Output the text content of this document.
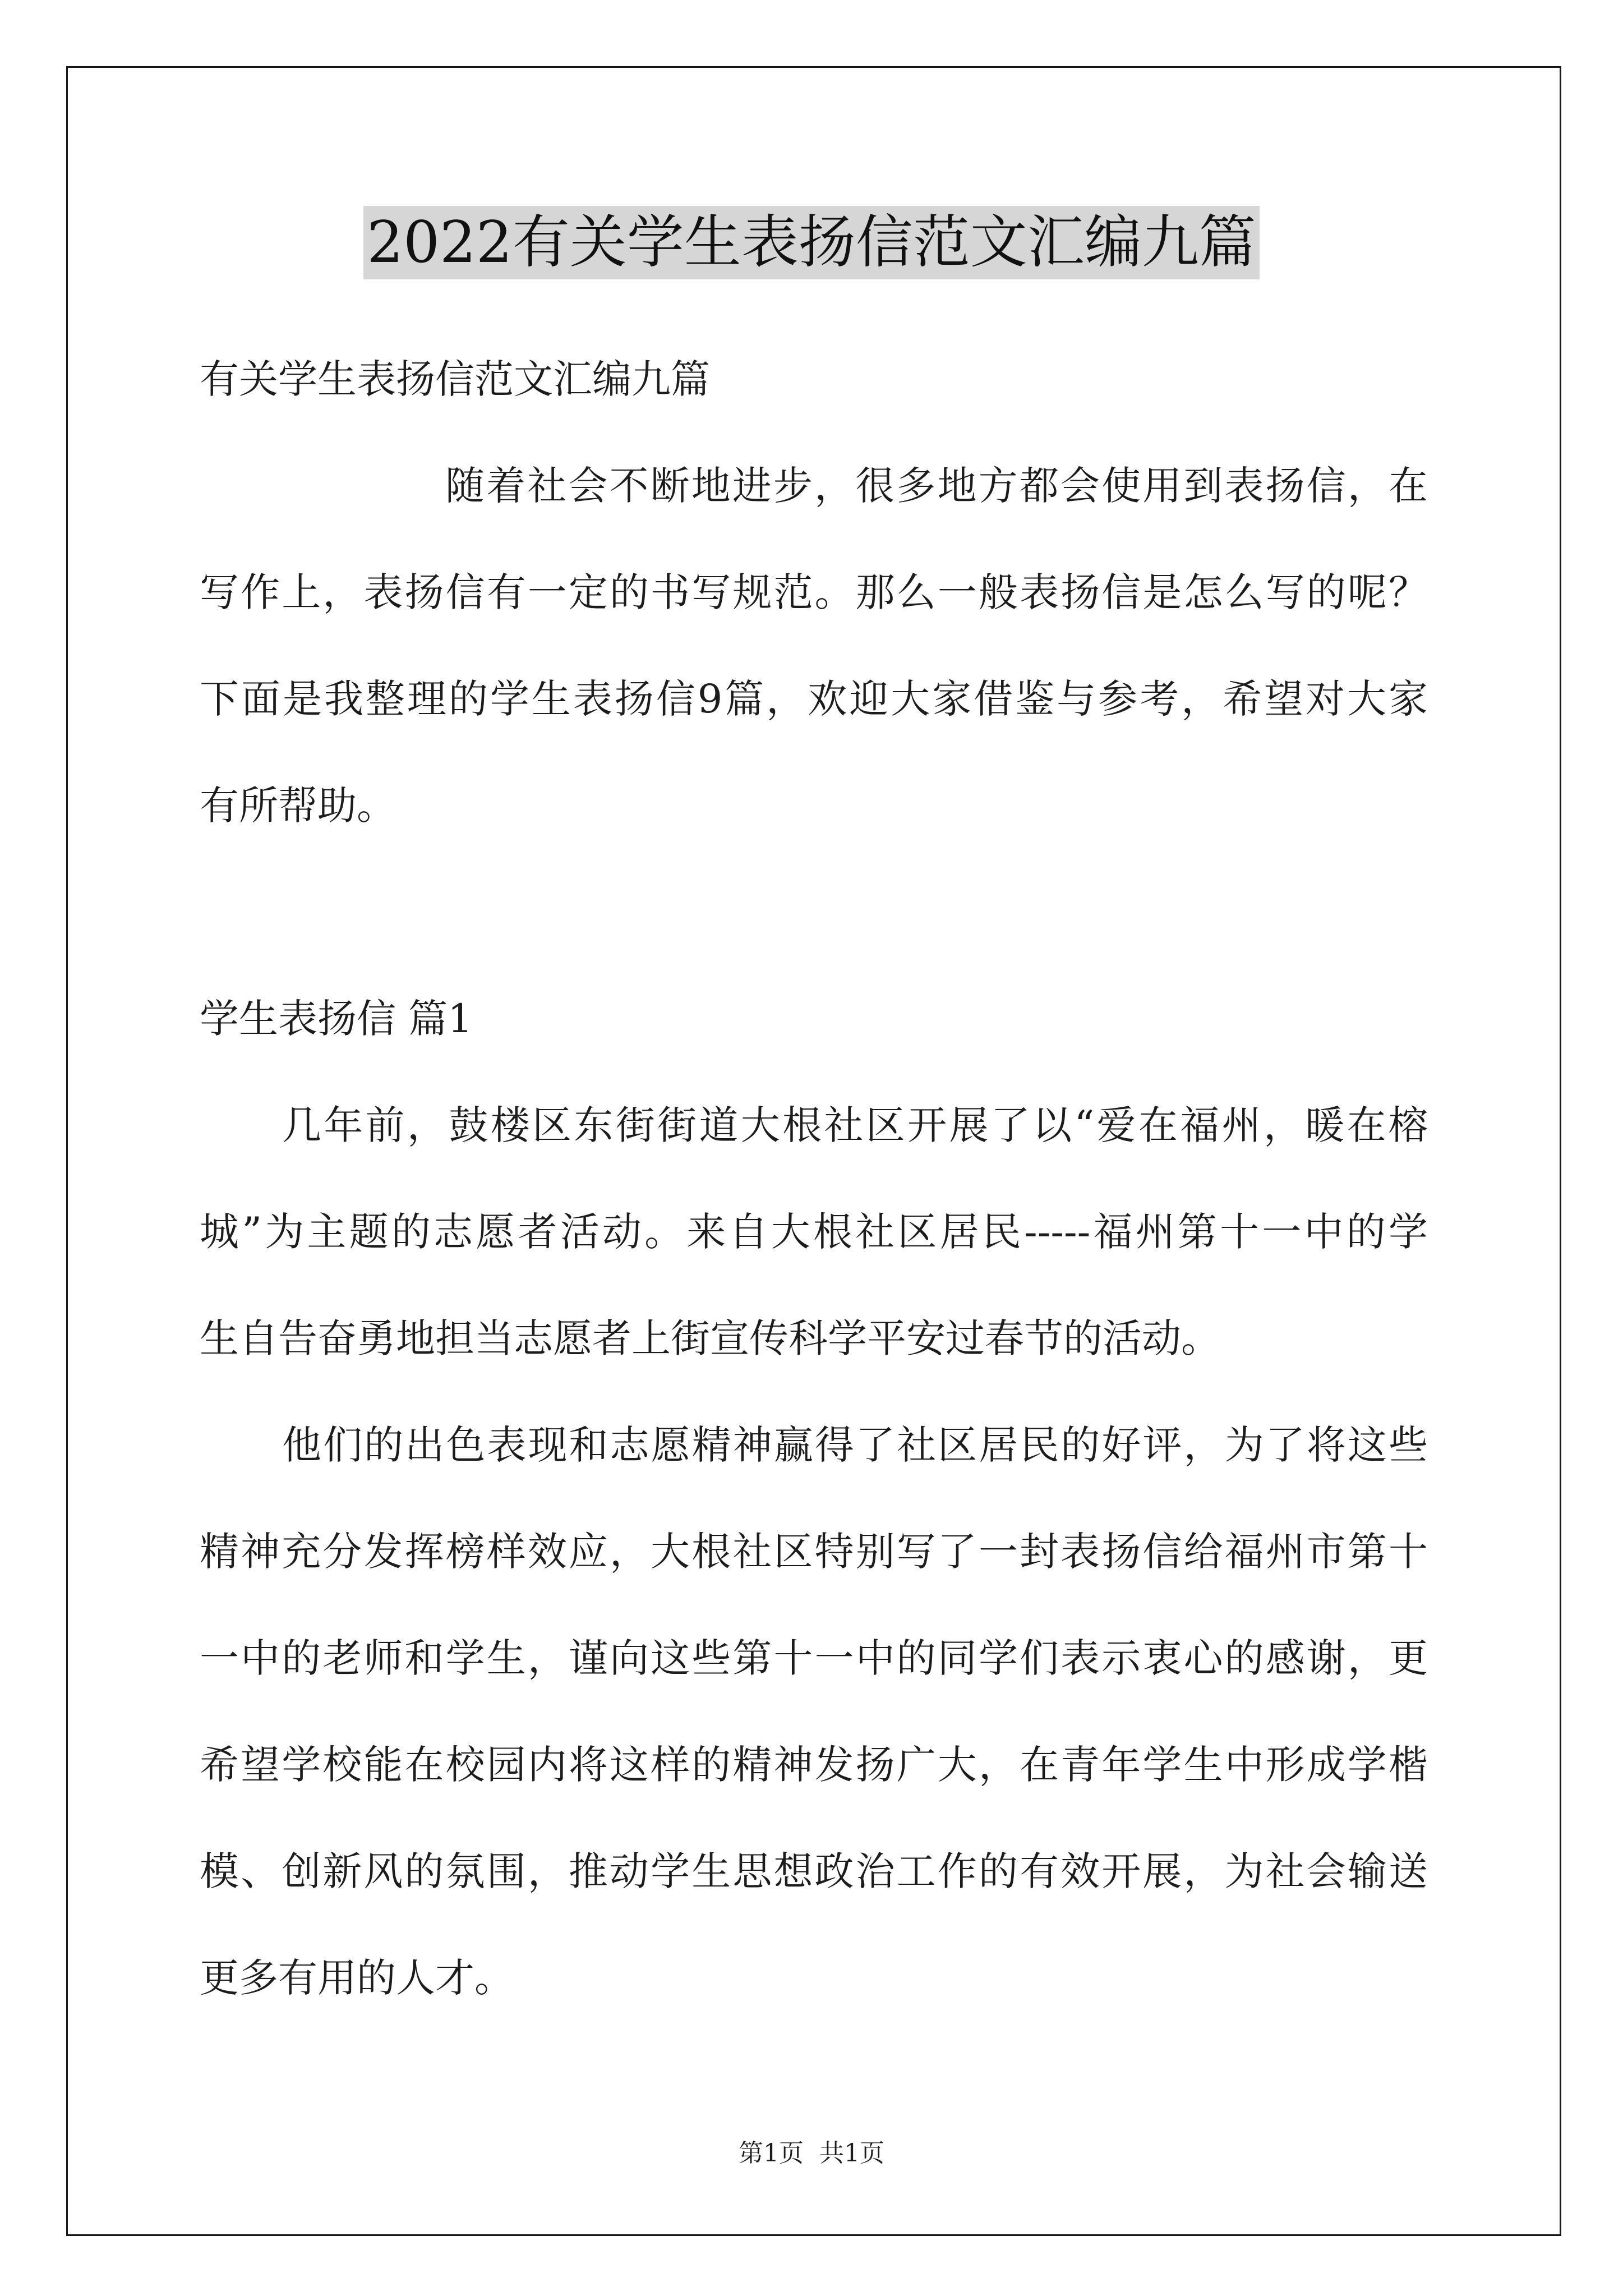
2022有关学生表扬信范文汇编九篇
有关学生表扬信范文汇编九篇
随着社会不断地进步，很多地方都会使用到表扬信，在
写作上，表扬信有一定的书写规范。那么一般表扬信是怎么写的呢？
下面是我整理的学生表扬信9篇，欢迎大家借鉴与参考，希望对大家
有所帮助。
学生表扬信 篇1
几年前，鼓楼区东街街道大根社区开展了以“爱在福州，暖在榕
城”为主题的志愿者活动。来自大根社区居民-----福州第十一中的学
生自告奋勇地担当志愿者上街宣传科学平安过春节的活动。
他们的出色表现和志愿精神赢得了社区居民的好评，为了将这些
精神充分发挥榜样效应，大根社区特别写了一封表扬信给福州市第十
一中的老师和学生，谨向这些第十一中的同学们表示衷心的感谢，更
希望学校能在校园内将这样的精神发扬广大，在青年学生中形成学楷
模、创新风的氛围，推动学生思想政治工作的有效开展，为社会输送
更多有用的人才。
第1页  共1页
